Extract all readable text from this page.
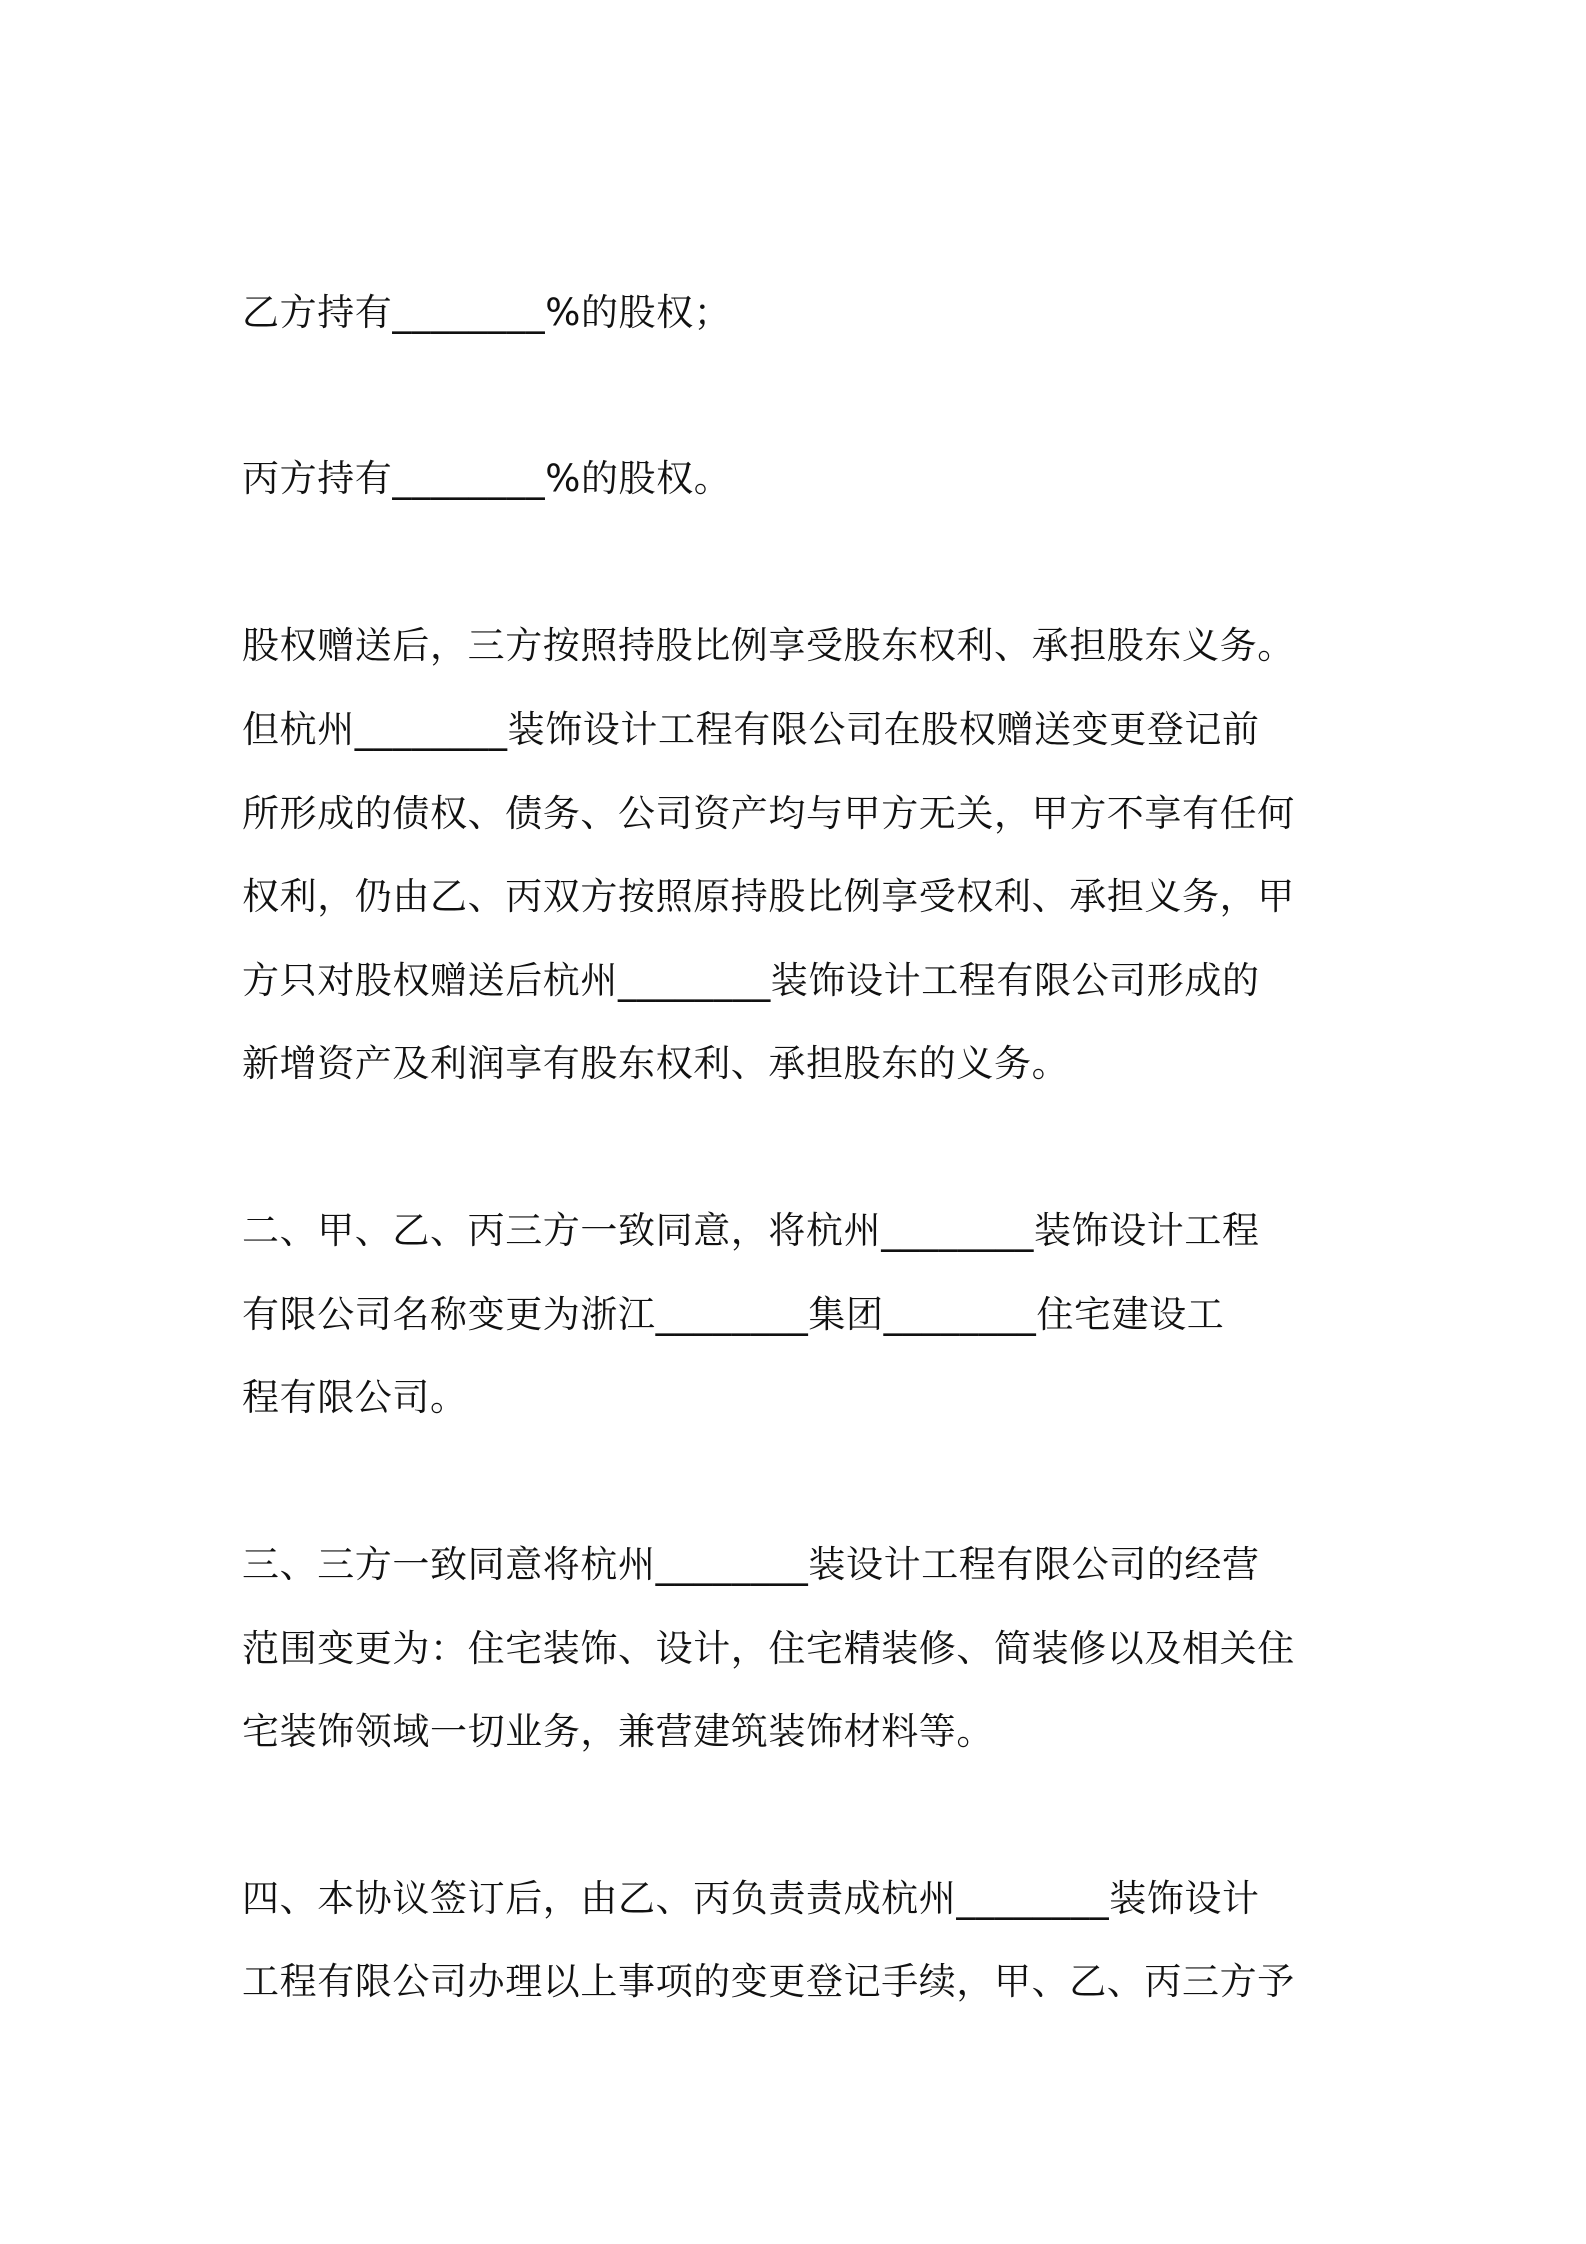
乙方持有________%的股权；
丙方持有________%的股权。
股权赠送后，三方按照持股比例享受股东权利、承担股东义务。
但杭州________装饰设计工程有限公司在股权赠送变更登记前
所形成的债权、债务、公司资产均与甲方无关，甲方不享有任何
权利，仍由乙、丙双方按照原持股比例享受权利、承担义务，甲
方只对股权赠送后杭州________装饰设计工程有限公司形成的
新增资产及利润享有股东权利、承担股东的义务。
二、甲、乙、丙三方一致同意，将杭州________装饰设计工程
有限公司名称变更为浙江________集团________住宅建设工
程有限公司。
三、三方一致同意将杭州________装设计工程有限公司的经营
范围变更为：住宅装饰、设计，住宅精装修、简装修以及相关住
宅装饰领域一切业务，兼营建筑装饰材料等。
四、本协议签订后，由乙、丙负责责成杭州________装饰设计
工程有限公司办理以上事项的变更登记手续，甲、乙、丙三方予
